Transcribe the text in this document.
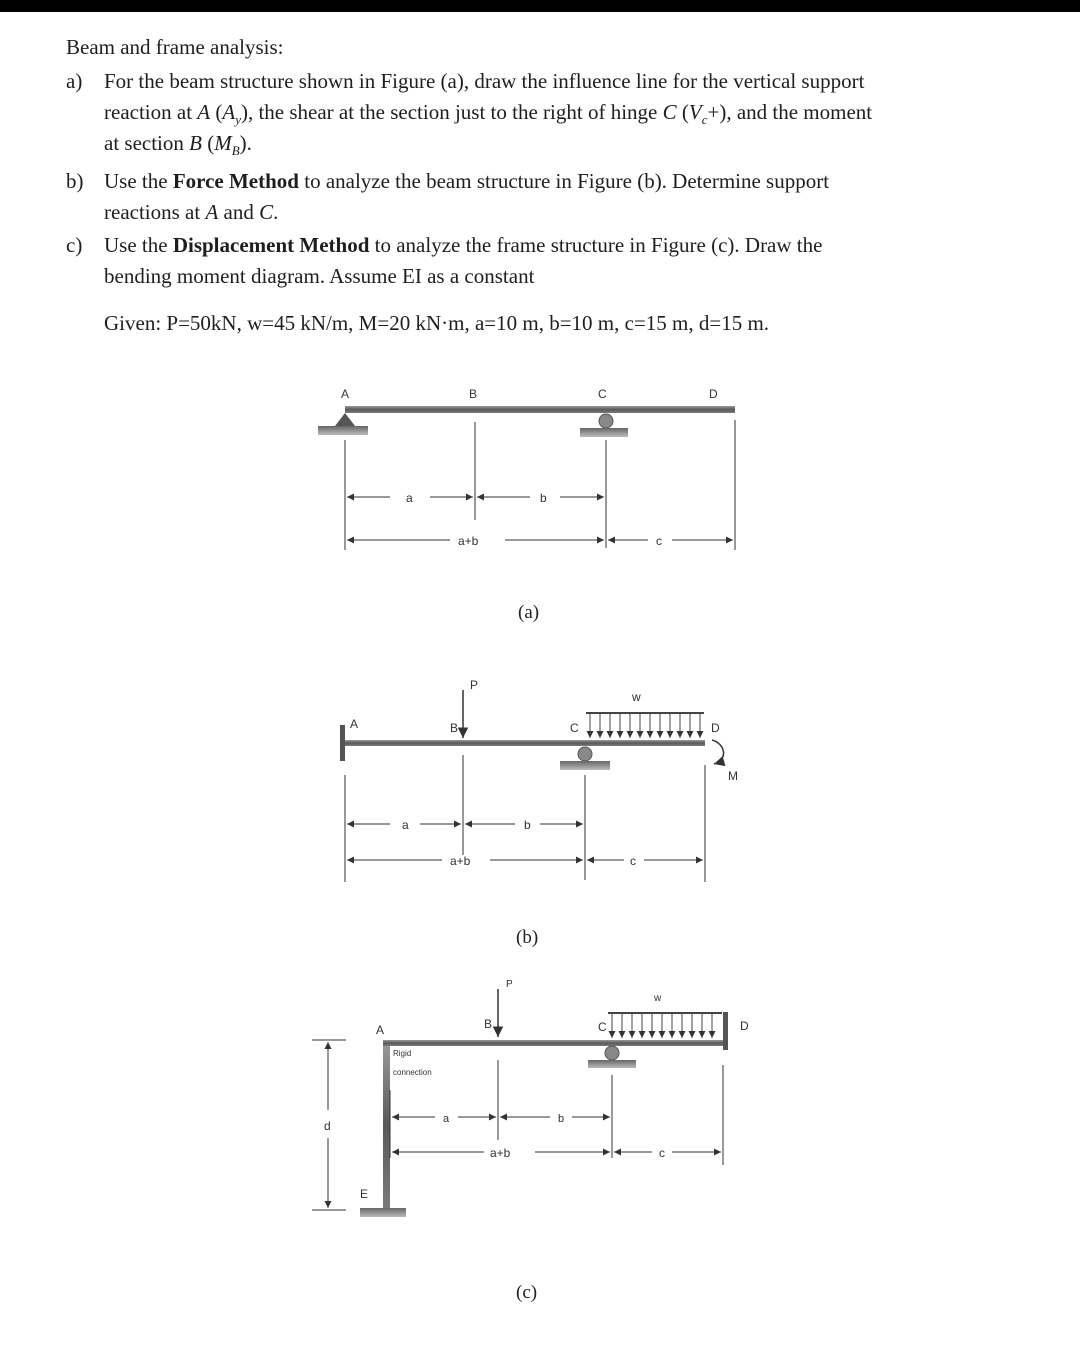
Beam and frame analysis:
a) For the beam structure shown in Figure (a), draw the influence line for the vertical support
reaction at A $(A_y)$, the shear at the section just to the right of hinge C $(V_c+)$, and the moment
at section B $(M_B)$.
b) Use the Force Method to analyze the beam structure in Figure (b). Determine support
reactions at A and C.
c) Use the Displacement Method to analyze the frame structure in Figure (c). Draw the
bending moment diagram. Assume EI as a constant
Given: P=50kN, w=45 kN/m, M=20 kN·m, a=10 m, b=10 m, c=15 m, d=15 m.
A	B	C	D
a	b
a+b	c
(a)
A
P
B
w
C	D
M
a	b
a+b	c
(b)
E
A
Rigid
connection
D
P
B
w
C
d	a	b
a+b	c
(c)
